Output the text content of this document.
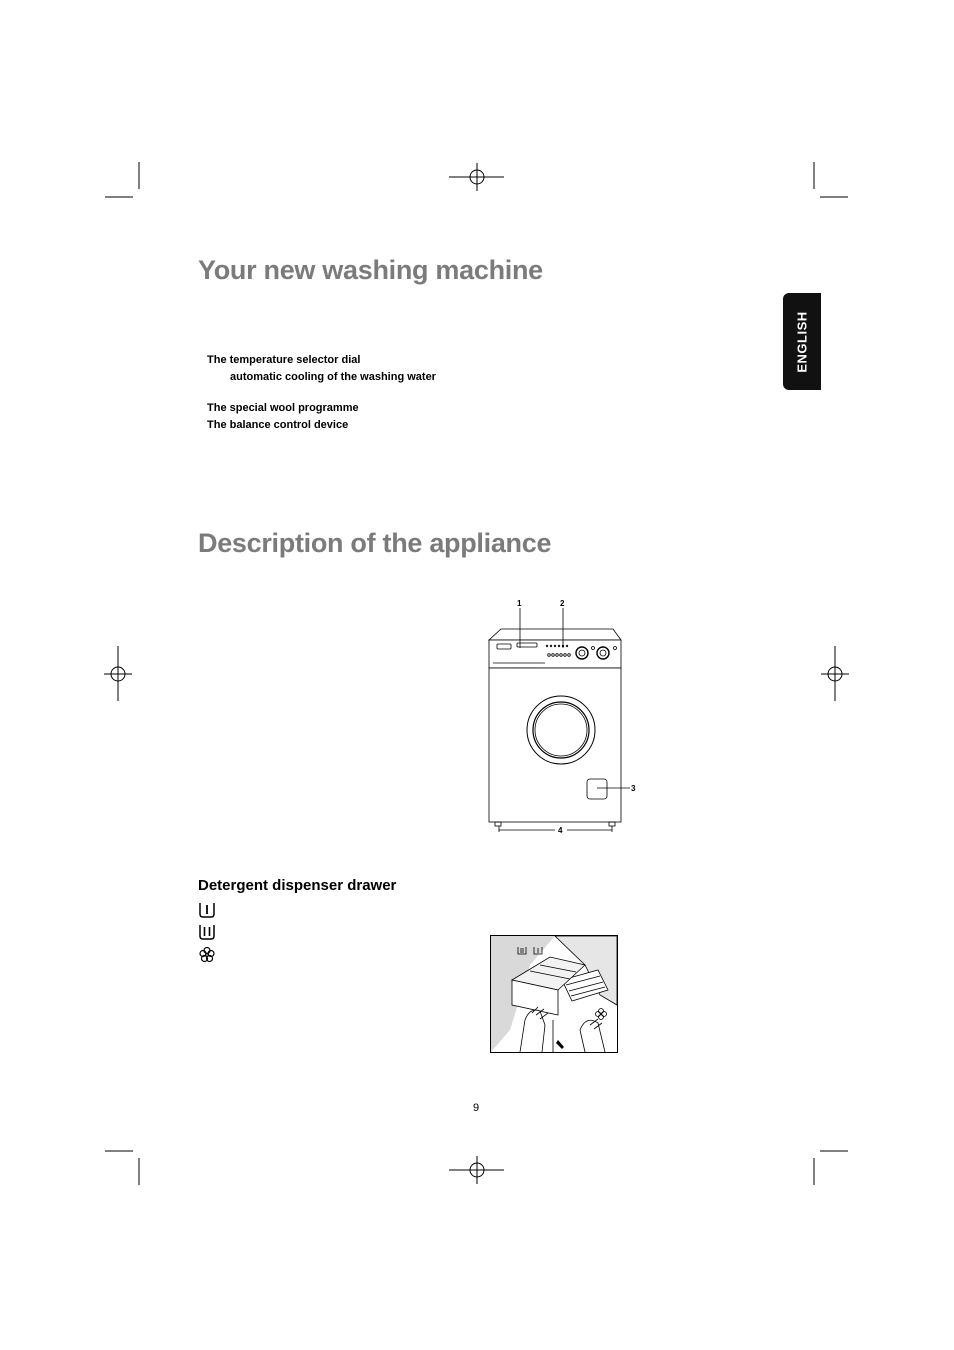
ENGLISH
Your new washing machine
The temperature selector dial
automatic cooling of the washing water
The special wool programme
The balance control device
Description of the appliance
1	2
3
4
Detergent dispenser drawer
9
